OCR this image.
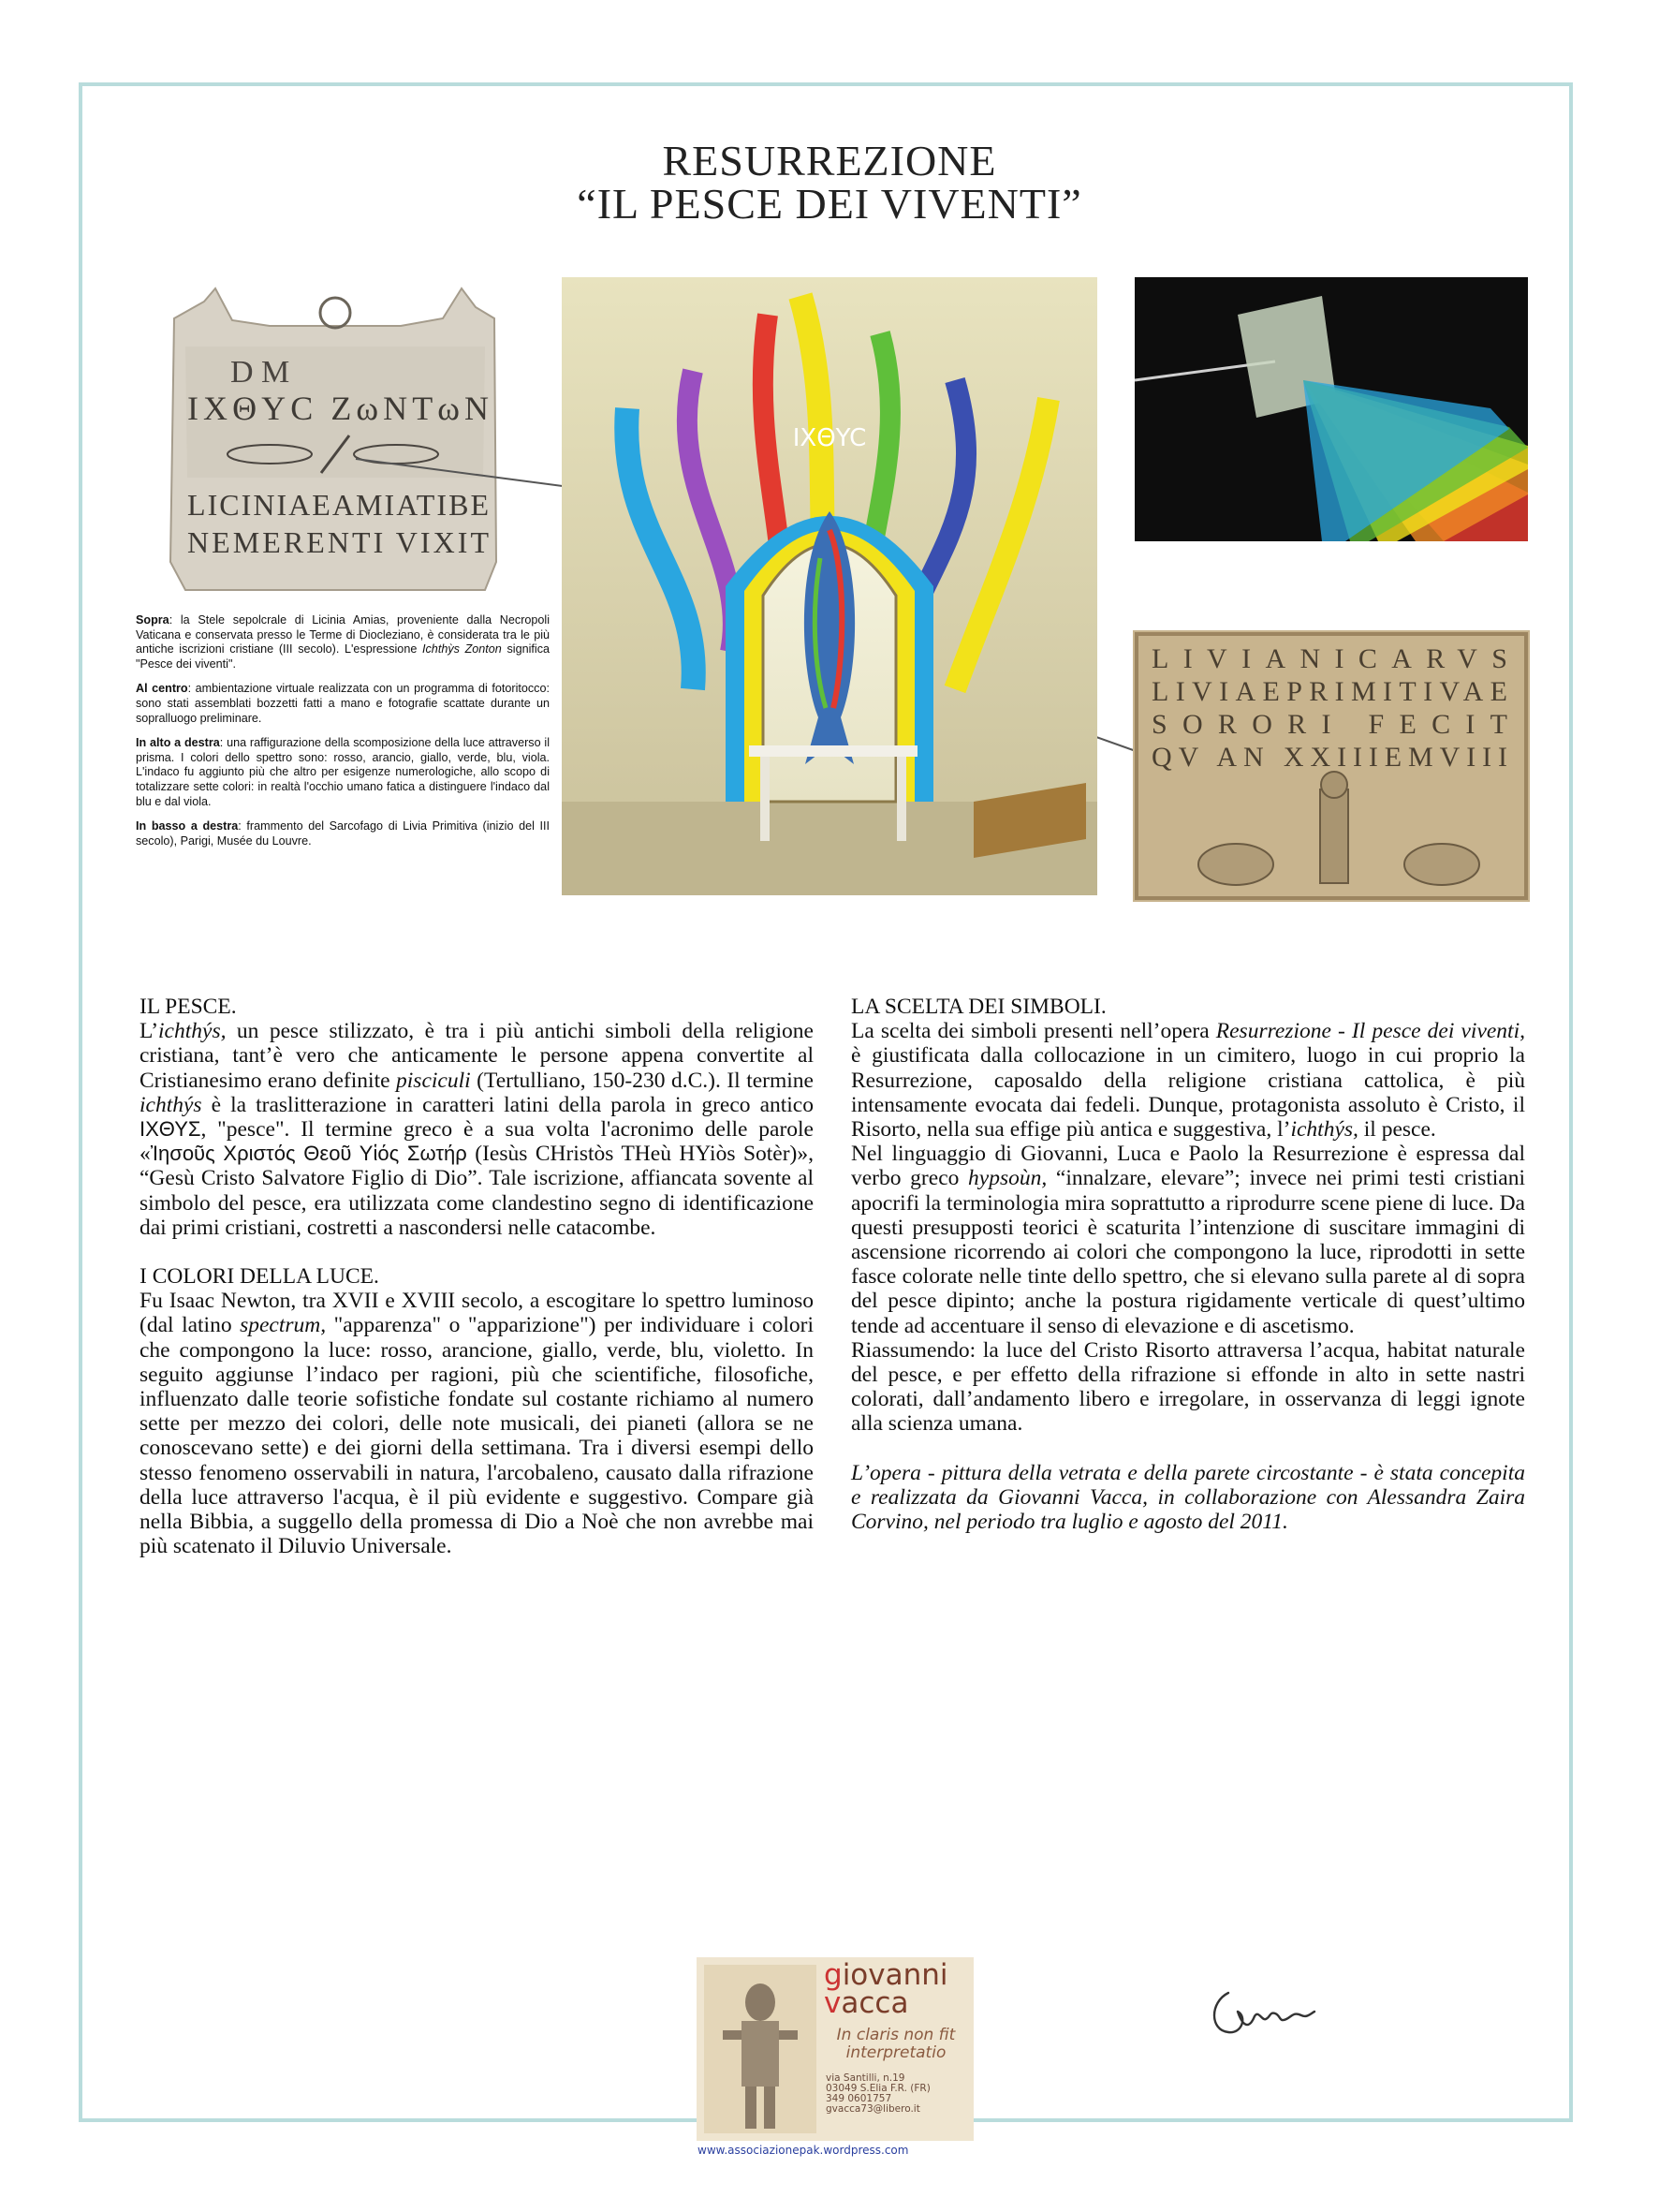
RESURREZIONE
“IL PESCE DEI VIVENTI”
D M
IXΘYC ZωNTωN
LICINIAEAMIATIBE
NEMERENTI VIXIT
IXΘYC
LIVIANICARVS
LIVIAEPRIMITIVAE
SORORI FECIT
QV AN XXIIIEMVIII

Sopra: la Stele sepolcrale di Licinia Amias, proveniente dalla Necropoli Vaticana e conservata presso le Terme di Diocleziano, è considerata tra le più antiche iscrizioni cristiane (III secolo). L'espressione Ichthỳs Zonton significa "Pesce dei viventi".

Al centro: ambientazione virtuale realizzata con un programma di fotoritocco: sono stati assemblati bozzetti fatti a mano e fotografie scattate durante un sopralluogo preliminare.

In alto a destra: una raffigurazione della scomposizione della luce attraverso il prisma. I colori dello spettro sono: rosso, arancio, giallo, verde, blu, viola. L'indaco fu aggiunto più che altro per esigenze numerologiche, allo scopo di totalizzare sette colori: in realtà l'occhio umano fatica a distinguere l'indaco dal blu e dal viola.

In basso a destra: frammento del Sarcofago di Livia Primitiva (inizio del III secolo), Parigi, Musée du Louvre.

IL PESCE.

L’ichthýs, un pesce stilizzato, è tra i più antichi simboli della religione cristiana, tant’è vero che anticamente le persone appena convertite al Cristianesimo erano definite pisciculi (Tertulliano, 150-230 d.C.). Il termine ichthýs è la traslitterazione in caratteri latini della parola in greco antico ΙΧΘΥΣ, "pesce". Il termine greco è a sua volta l'acronimo delle parole «Ἰησοῦς Χριστός Θεοῦ Υἱός Σωτήρ (Iesùs CHristòs THeù HYiòs Sotèr)», “Gesù Cristo Salvatore Figlio di Dio”. Tale iscrizione, affiancata sovente al simbolo del pesce, era utilizzata come clandestino segno di identificazione dai primi cristiani, costretti a nascondersi nelle catacombe.

I COLORI DELLA LUCE.

Fu Isaac Newton, tra XVII e XVIII secolo, a escogitare lo spettro luminoso (dal latino spectrum, "apparenza" o "apparizione") per individuare i colori che compongono la luce: rosso, arancione, giallo, verde, blu, violetto. In seguito aggiunse l’indaco per ragioni, più che scientifiche, filosofiche, influenzato dalle teorie sofistiche fondate sul costante richiamo al numero sette per mezzo dei colori, delle note musicali, dei pianeti (allora se ne conoscevano sette) e dei giorni della settimana. Tra i diversi esempi dello stesso fenomeno osservabili in natura, l'arcobaleno, causato dalla rifrazione della luce attraverso l'acqua, è il più evidente e suggestivo. Compare già nella Bibbia, a suggello della promessa di Dio a Noè che non avrebbe mai più scatenato il Diluvio Universale.

LA SCELTA DEI SIMBOLI.

La scelta dei simboli presenti nell’opera Resurrezione - Il pesce dei viventi, è giustificata dalla collocazione in un cimitero, luogo in cui proprio la Resurrezione, caposaldo della religione cristiana cattolica, è più intensamente evocata dai fedeli. Dunque, protagonista assoluto è Cristo, il Risorto, nella sua effige più antica e suggestiva, l’ichthýs, il pesce.

Nel linguaggio di Giovanni, Luca e Paolo la Resurrezione è espressa dal verbo greco hypsoùn, “innalzare, elevare”; invece nei primi testi cristiani apocrifi la terminologia mira soprattutto a riprodurre scene piene di luce. Da questi presupposti teorici è scaturita l’intenzione di suscitare immagini di ascensione ricorrendo ai colori che compongono la luce, riprodotti in sette fasce colorate nelle tinte dello spettro, che si elevano sulla parete al di sopra del pesce dipinto; anche la postura rigidamente verticale di quest’ultimo tende ad accentuare il senso di elevazione e di ascetismo.

Riassumendo: la luce del Cristo Risorto attraversa l’acqua, habitat naturale del pesce, e per effetto della rifrazione si effonde in alto in sette nastri colorati, dall’andamento libero e irregolare, in osservanza di leggi ignote alla scienza umana.

L’opera - pittura della vetrata e della parete circostante - è stata concepita e realizzata da Giovanni Vacca, in collaborazione con Alessandra Zaira Corvino, nel periodo tra luglio e agosto del 2011.

giovanni
vacca
In claris non fit interpretatio
via Santilli, n.19
03049 S.Elia F.R. (FR)
349 0601757
gvacca73@libero.it
www.associazionepak.wordpress.com
